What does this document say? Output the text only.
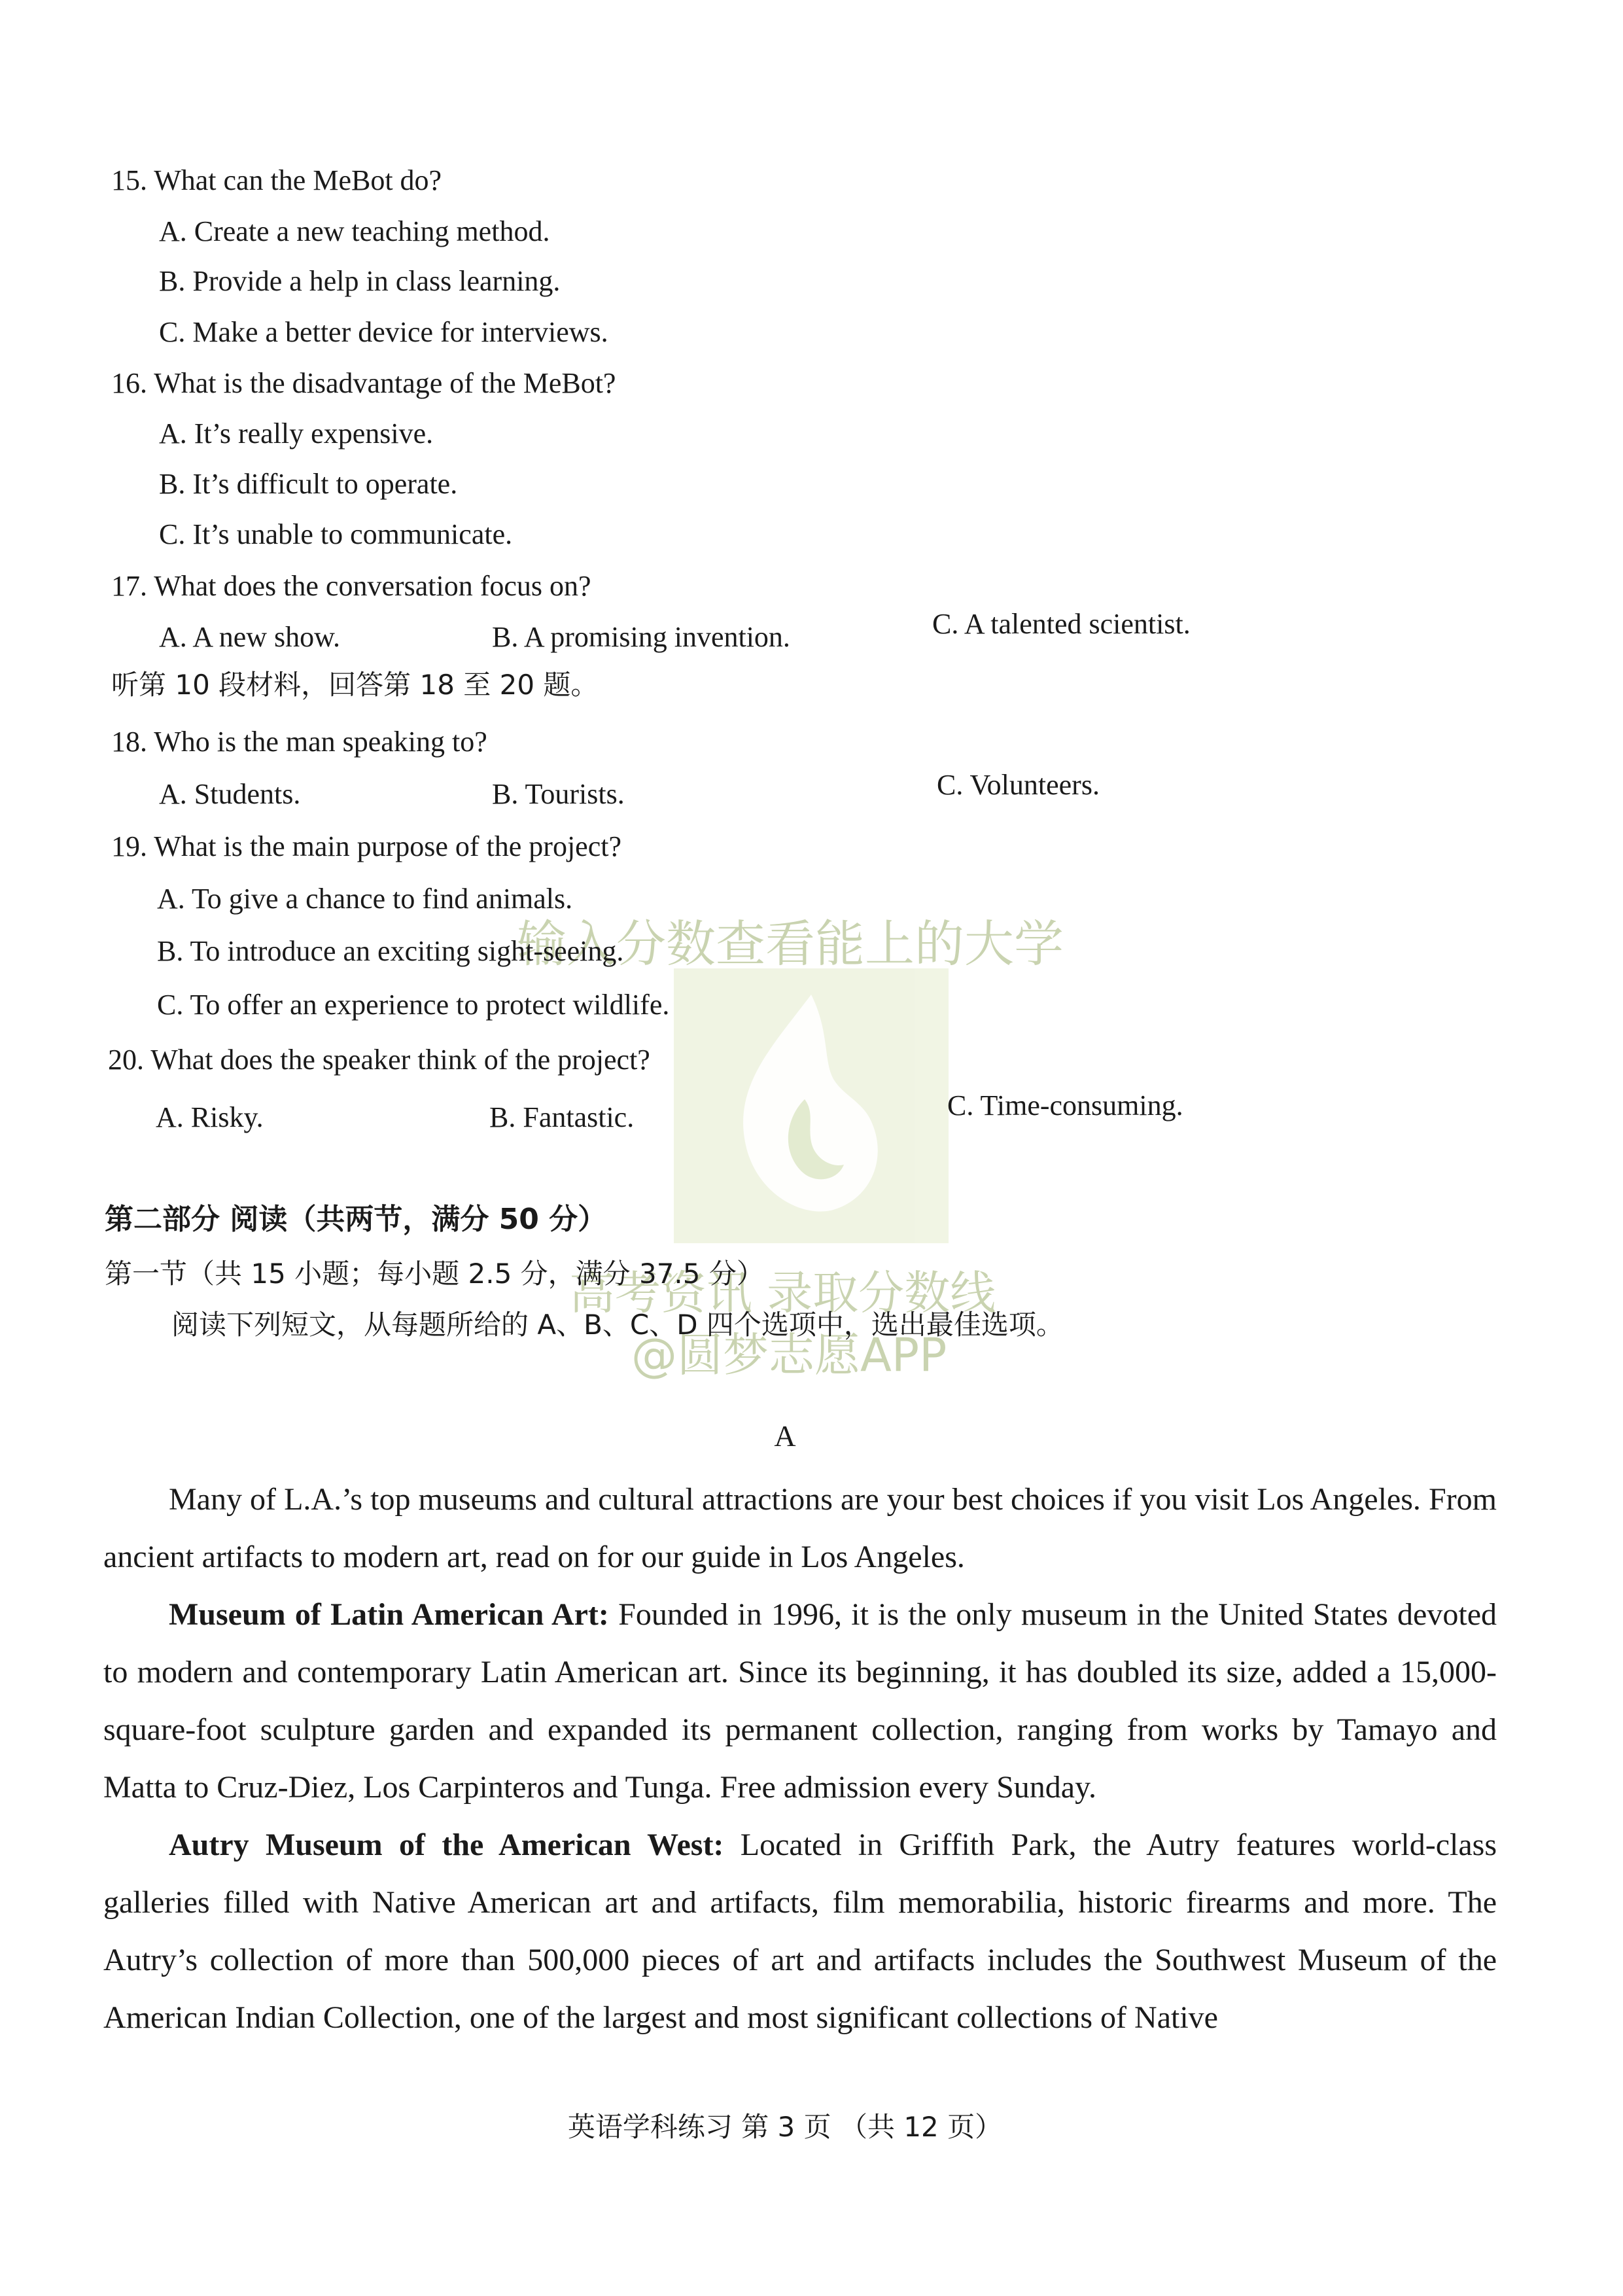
输入分数查看能上的大学
高考资讯 录取分数线
@圆梦志愿APP
15. What can the MeBot do?
A. Create a new teaching method.
B. Provide a help in class learning.
C. Make a better device for interviews.
16. What is the disadvantage of the MeBot?
A. It’s really expensive.
B. It’s difficult to operate.
C. It’s unable to communicate.
17. What does the conversation focus on?
A. A new show.	B. A promising invention.	C. A talented scientist.
听第 10 段材料，回答第 18 至 20 题。
18. Who is the man speaking to?
A. Students.	B. Tourists.	C. Volunteers.
19. What is the main purpose of the project?
A. To give a chance to find animals.
B. To introduce an exciting sight-seeing.
C. To offer an experience to protect wildlife.
20. What does the speaker think of the project?
A. Risky.	B. Fantastic.	C. Time-consuming.
第二部分 阅读（共两节，满分 50 分）
第一节（共 15 小题；每小题 2.5 分，满分 37.5 分）
阅读下列短文，从每题所给的 A、B、C、D 四个选项中，选出最佳选项。
A

Many of L.A.’s top museums and cultural attractions are your best choices if you visit Los Angeles. From ancient artifacts to modern art, read on for our guide in Los Angeles.

Museum of Latin American Art: Founded in 1996, it is the only museum in the United States devoted to modern and contemporary Latin American art. Since its beginning, it has doubled its size, added a 15,000-square-foot sculpture garden and expanded its permanent collection, ranging from works by Tamayo and Matta to Cruz-Diez, Los Carpinteros and Tunga. Free admission every Sunday.

Autry Museum of the American West: Located in Griffith Park, the Autry features world-class galleries filled with Native American art and artifacts, film memorabilia, historic firearms and more. The Autry’s collection of more than 500,000 pieces of art and artifacts includes the Southwest Museum of the American Indian Collection, one of the largest and most significant collections of Native

英语学科练习 第 3 页 （共 12 页）
